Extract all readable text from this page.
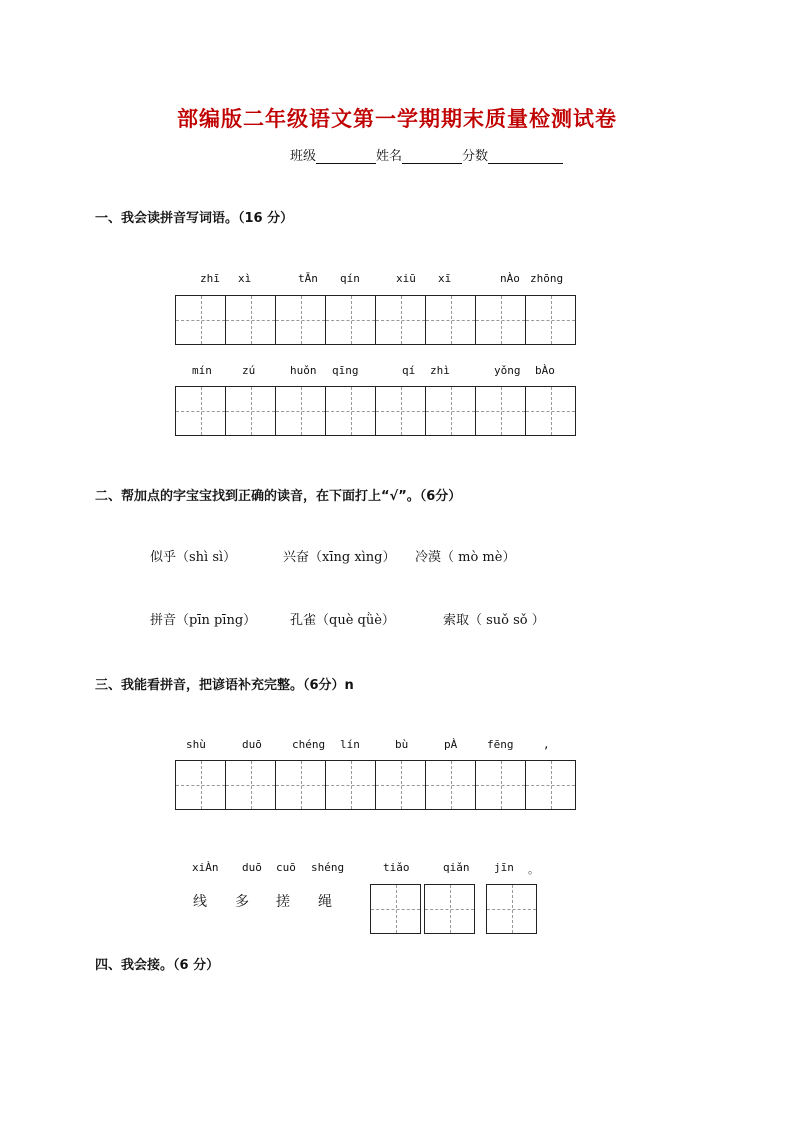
部编版二年级语文第一学期期末质量检测试卷
班级	姓名	分数
一、我会读拼音写词语。（16 分）
zhī xì	tĀn qín	xiū xī	nÀo zhōng
mín	zú	huǒn qīng	qí zhì	yǒng bÀo
二、帮加点的字宝宝找到正确的读音，在下面打上“√”。（6分）
似乎（shì sì）	兴奋（xīng xìng） 冷漠（ mò mè）
拼音（pīn pīng）	孔雀（què qǜè）	索取（ suǒ sǒ ）
三、我能看拼音，把谚语补充完整。（6分）n
shù	duō	chéng lín	bù	pÀ	fēng	,
xiÀn duō cuō shéng	tiǎo	qiǎn jīn 。
线 多 搓 绳
四、我会接。（6 分）
